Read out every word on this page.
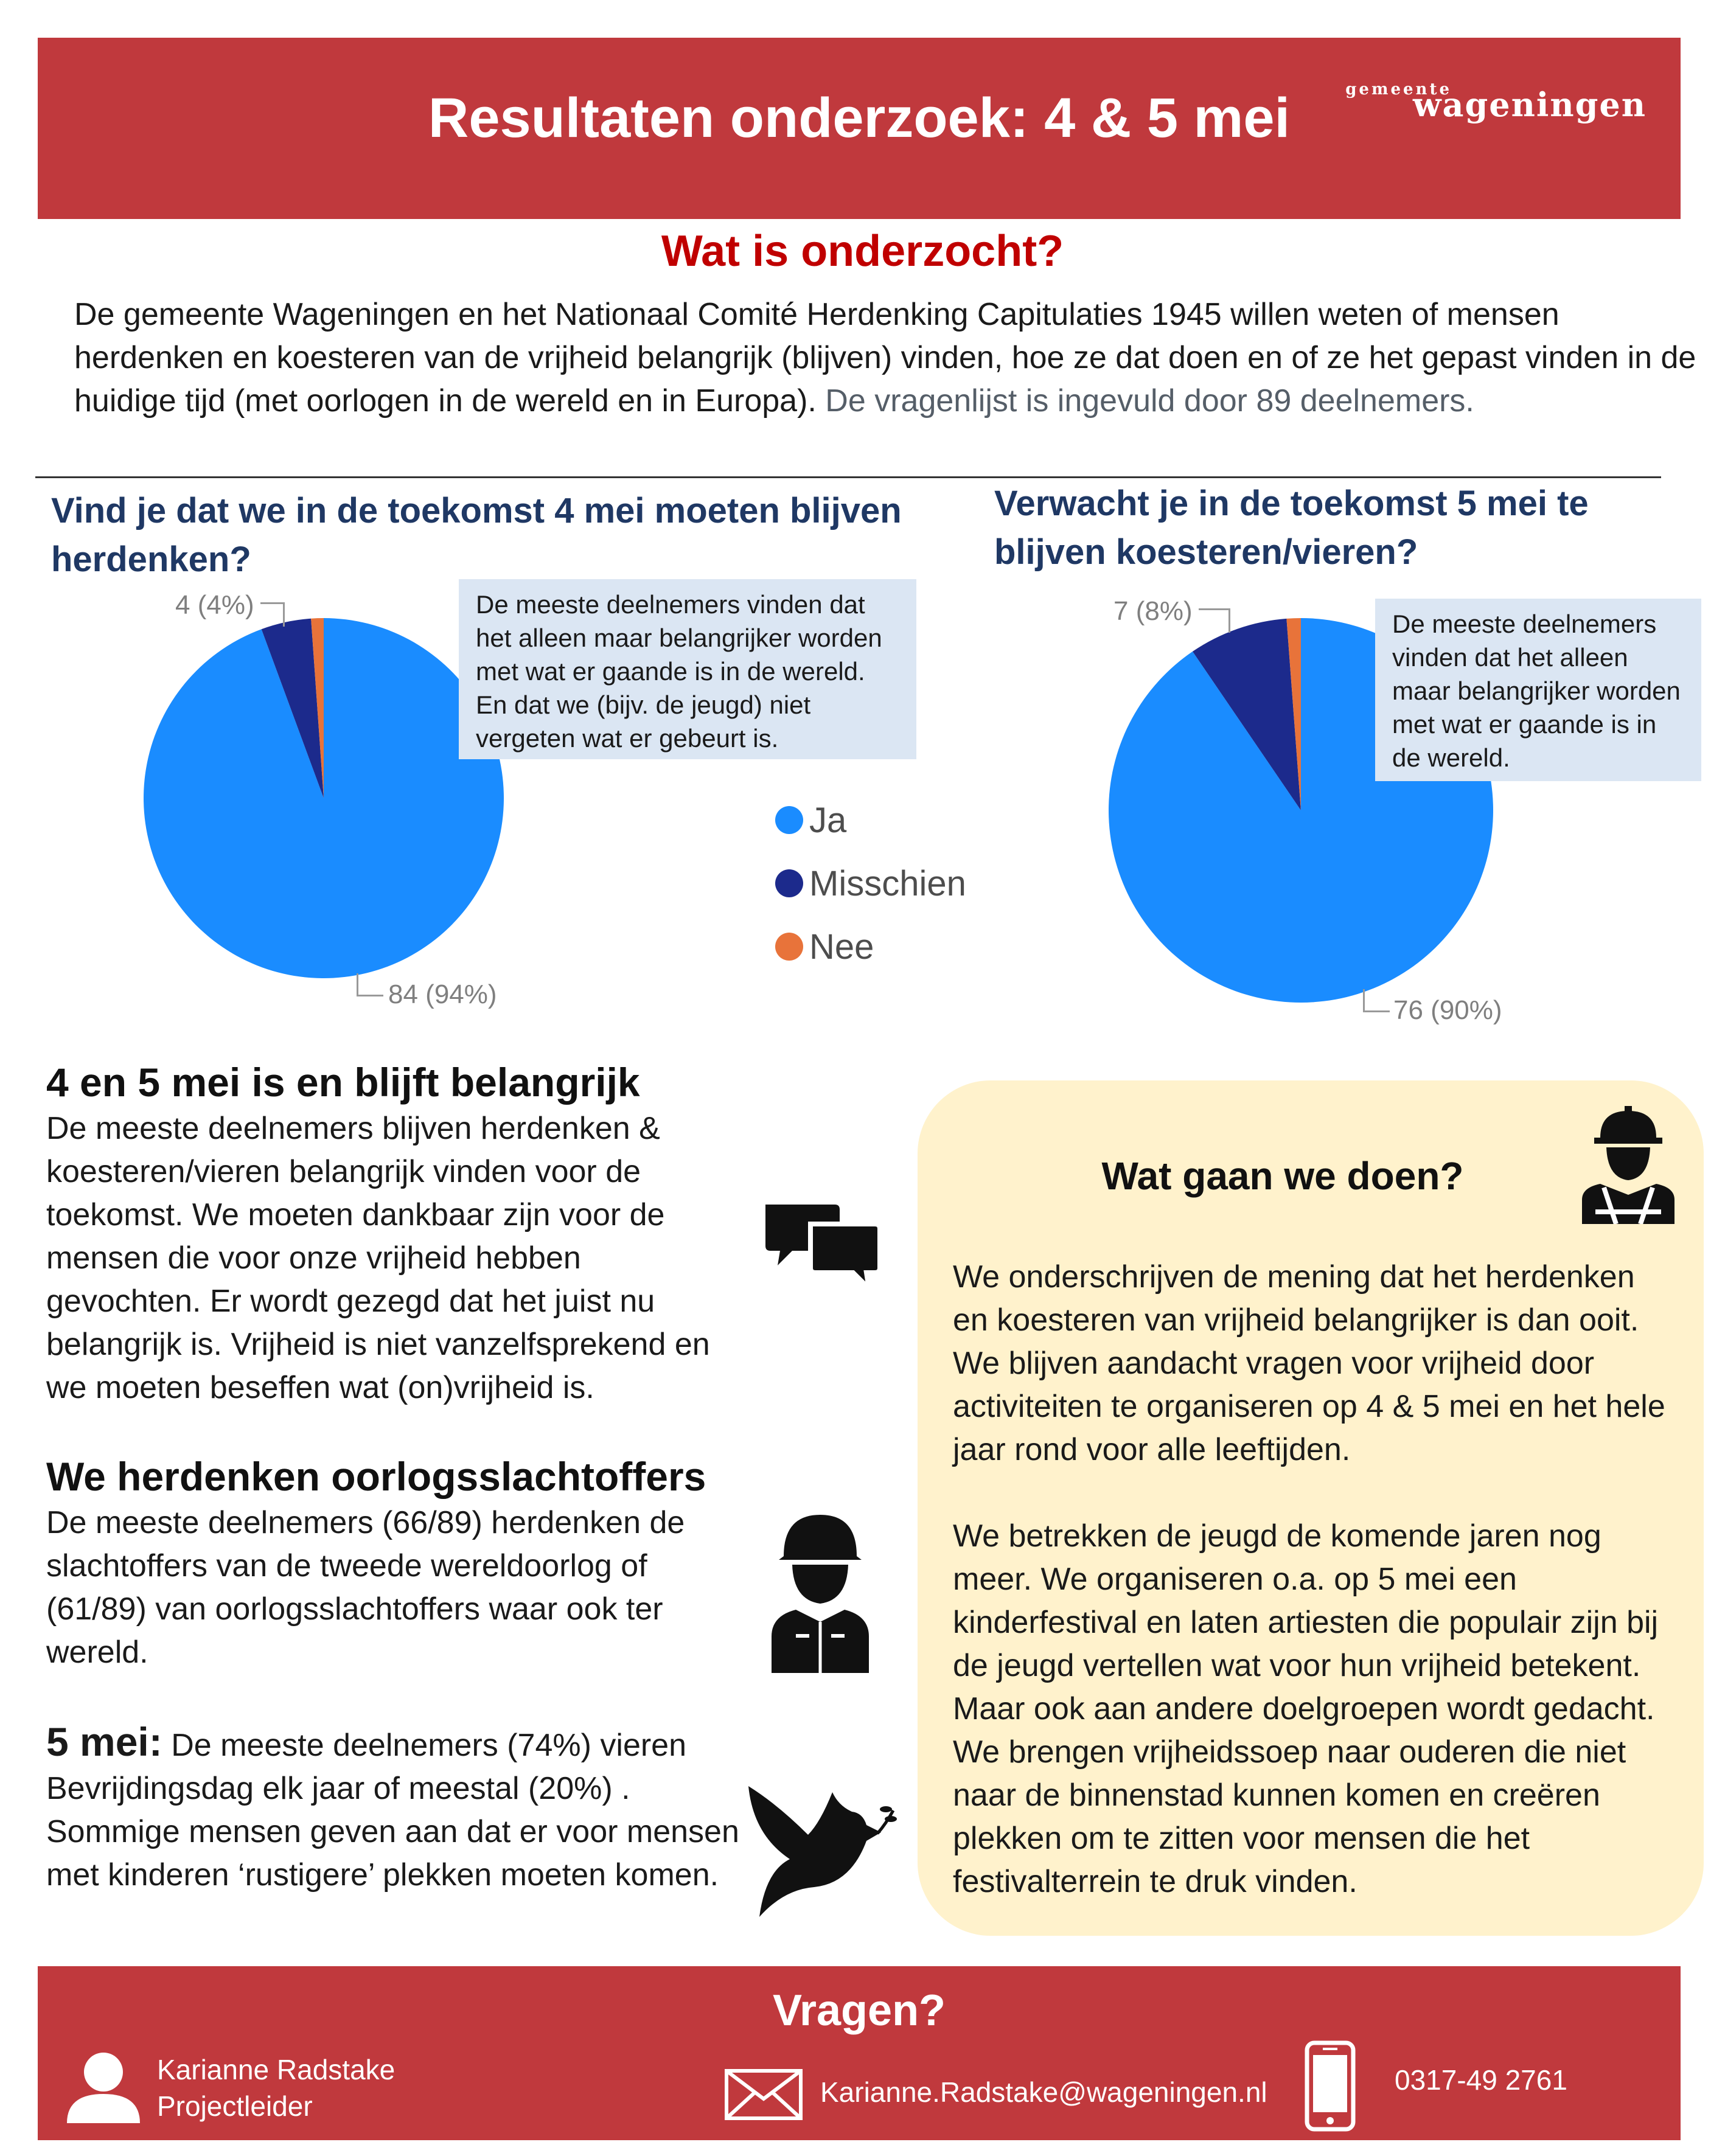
Resultaten onderzoek: 4 & 5 mei	gemeente
wageningen
Wat is onderzocht?
De gemeente Wageningen en het Nationaal Comité Herdenking Capitulaties 1945 willen weten of mensen herdenken en koesteren van de vrijheid belangrijk (blijven) vinden, hoe ze dat doen en of ze het gepast vinden in de huidige tijd (met oorlogen in de wereld en in Europa). De vragenlijst is ingevuld door 89 deelnemers.
Vind je dat we in de toekomst 4 mei moeten blijven herdenken?
Verwacht je in de toekomst 5 mei te blijven koesteren/vieren?
4 (4%)
84 (94%)
7 (8%)
76 (90%)
De meeste deelnemers vinden dat het alleen maar belangrijker worden met wat er gaande is in de wereld. En dat we (bijv. de jeugd) niet vergeten wat er gebeurt is.
De meeste deelnemers vinden dat het alleen maar belangrijker worden met wat er gaande is in de wereld.
Ja
Misschien
Nee
4 en 5 mei is en blijft belangrijk
De meeste deelnemers blijven herdenken & koesteren/vieren belangrijk vinden voor de toekomst. We moeten dankbaar zijn voor de mensen die voor onze vrijheid hebben gevochten. Er wordt gezegd dat het juist nu belangrijk is. Vrijheid is niet vanzelfsprekend en we moeten beseffen wat (on)vrijheid is.
We herdenken oorlogsslachtoffers
De meeste deelnemers (66/89) herdenken de slachtoffers van de tweede wereldoorlog of (61/89) van oorlogsslachtoffers waar ook ter wereld.
5 mei: De meeste deelnemers (74%) vieren Bevrijdingsdag elk jaar of meestal (20%) . Sommige mensen geven aan dat er voor mensen met kinderen ‘rustigere’ plekken moeten komen.
Wat gaan we doen?

We onderschrijven de mening dat het herdenken en koesteren van vrijheid belangrijker is dan ooit. We blijven aandacht vragen voor vrijheid door activiteiten te organiseren op 4 & 5 mei en het hele jaar rond voor alle leeftijden.

We betrekken de jeugd de komende jaren nog meer. We organiseren o.a. op 5 mei een kinderfestival en laten artiesten die populair zijn bij de jeugd vertellen wat voor hun vrijheid betekent. Maar ook aan andere doelgroepen wordt gedacht. We brengen vrijheidssoep naar ouderen die niet naar de binnenstad kunnen komen en creëren plekken om te zitten voor mensen die het festivalterrein te druk vinden.

Vragen?
Karianne Radstake
Projectleider	Karianne.Radstake@wageningen.nl	0317-49 2761
